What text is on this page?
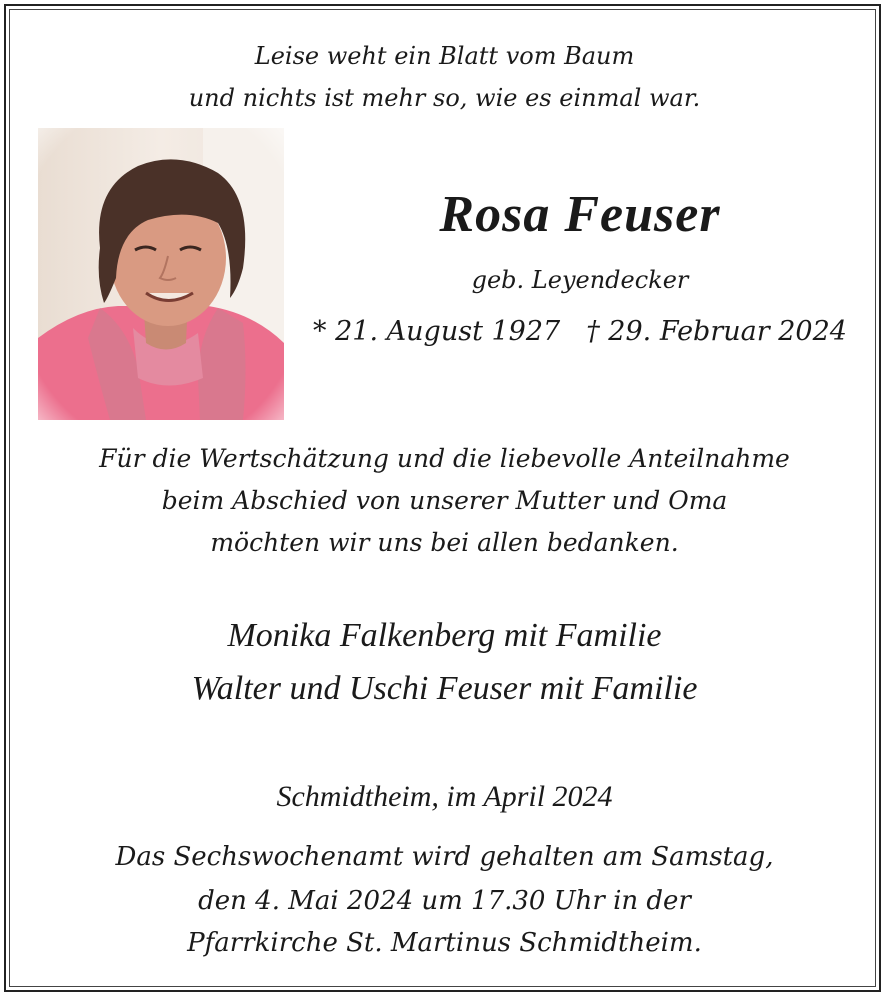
Leise weht ein Blatt vom Baum
und nichts ist mehr so, wie es einmal war.
Rosa Feuser
geb. Leyendecker
* 21. August 1927 † 29. Februar 2024
Für die Wertschätzung und die liebevolle Anteilnahme
beim Abschied von unserer Mutter und Oma
möchten wir uns bei allen bedanken.
Monika Falkenberg mit Familie
Walter und Uschi Feuser mit Familie
Schmidtheim, im April 2024
Das Sechswochenamt wird gehalten am Samstag,
den 4. Mai 2024 um 17.30 Uhr in der
Pfarrkirche St. Martinus Schmidtheim.
